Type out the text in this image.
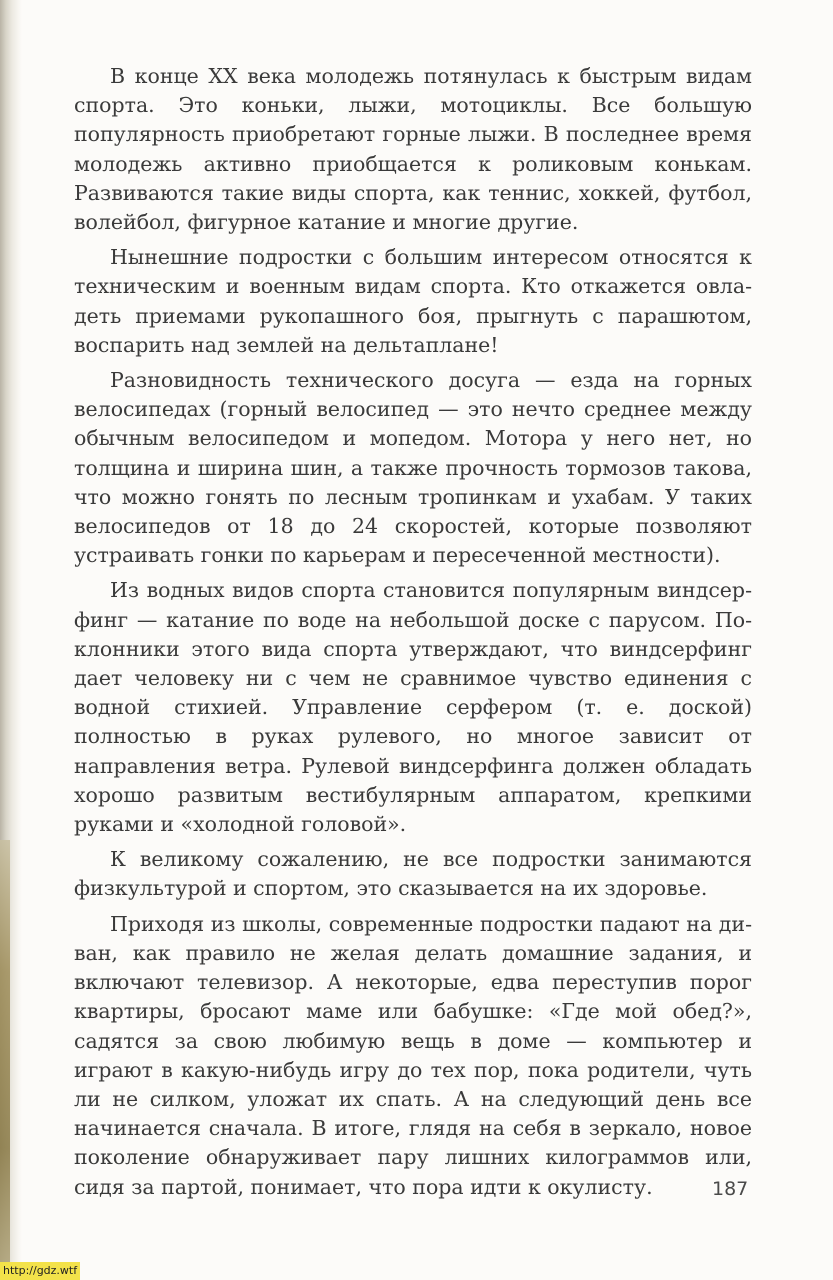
В конце XX века молодежь потянулась к быстрым видам спорта. Это коньки, лыжи, мотоциклы. Все большую популярность приобретают горные лыжи. В последнее время молодежь активно приобщается к роликовым конькам. Развиваются такие виды спорта, как теннис, хоккей, футбол, волейбол, фигурное катание и многие другие.

Нынешние подростки с большим интересом относятся к техническим и военным видам спорта. Кто откажется овладеть приемами рукопашного боя, прыгнуть с парашютом, воспарить над землей на дельтаплане!

Разновидность технического досуга — езда на горных велосипедах (горный велосипед — это нечто среднее между обычным велосипедом и мопедом. Мотора у него нет, но толщина и ширина шин, а также прочность тормозов такова, что можно гонять по лесным тропинкам и ухабам. У таких велосипедов от 18 до 24 скоростей, которые позволяют устраивать гонки по карьерам и пересеченной местности).

Из водных видов спорта становится популярным виндсерфинг — катание по воде на небольшой доске с парусом. Поклонники этого вида спорта утверждают, что виндсерфинг дает человеку ни с чем не сравнимое чувство единения с водной стихией. Управление серфером (т. е. доской) полностью в руках рулевого, но многое зависит от направления ветра. Рулевой виндсерфинга должен обладать хорошо развитым вестибулярным аппаратом, крепкими руками и «холодной головой».

К великому сожалению, не все подростки занимаются физкультурой и спортом, это сказывается на их здоровье.

Приходя из школы, современные подростки падают на диван, как правило не желая делать домашние задания, и включают телевизор. А некоторые, едва переступив порог квартиры, бросают маме или бабушке: «Где мой обед?», садятся за свою любимую вещь в доме — компьютер и играют в какую-нибудь игру до тех пор, пока родители, чуть ли не силком, уложат их спать. А на следующий день все начинается сначала. В итоге, глядя на себя в зеркало, новое поколение обнаруживает пару лишних килограммов или, сидя за партой, понимает, что пора идти к окулисту.	187
http://gdz.wtf
